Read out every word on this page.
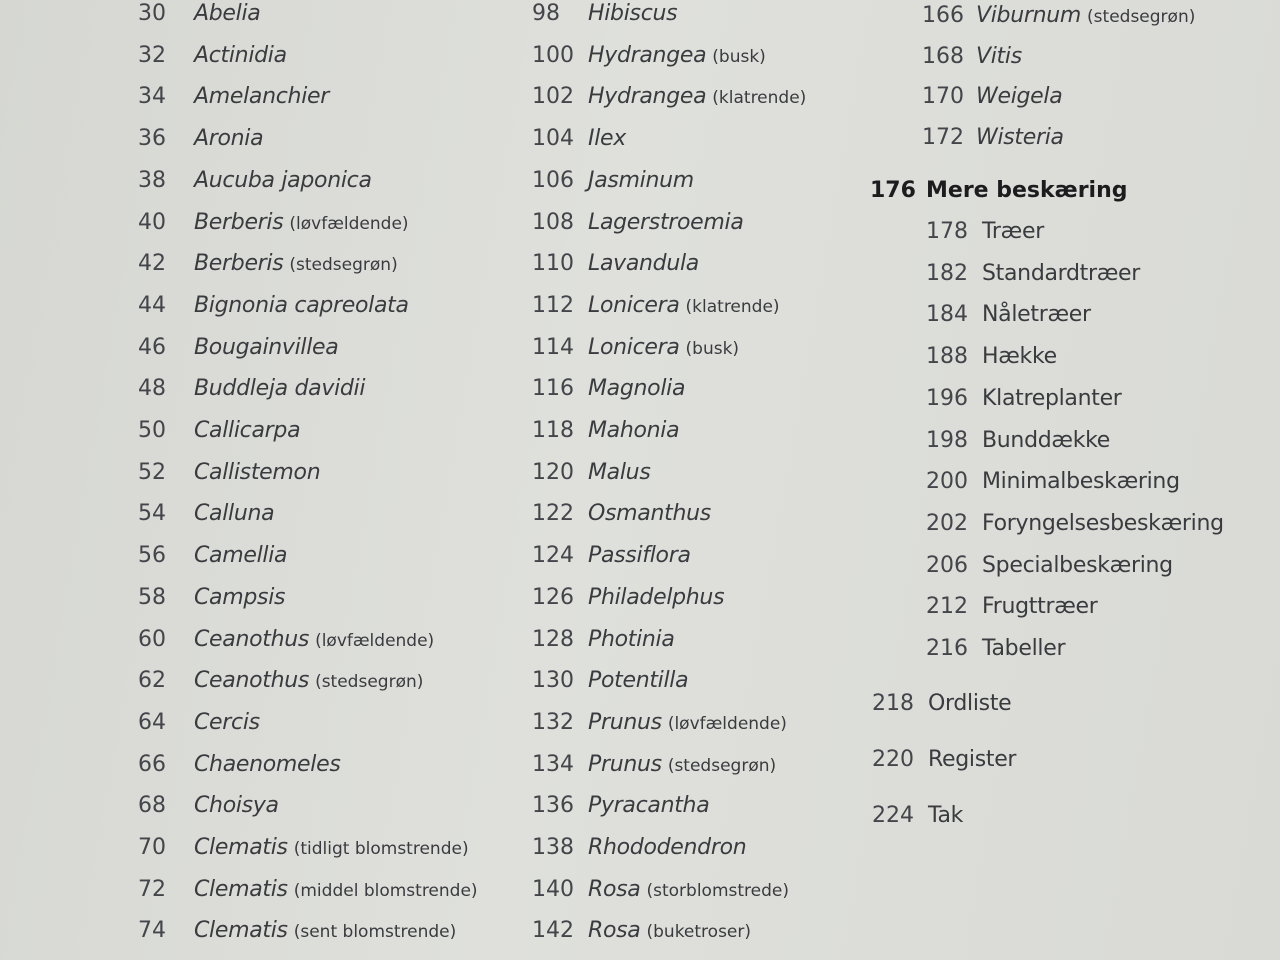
30 Abelia
32 Actinidia
34 Amelanchier
36 Aronia
38 Aucuba japonica
40 Berberis (løvfældende)
42 Berberis (stedsegrøn)
44 Bignonia capreolata
46 Bougainvillea
48 Buddleja davidii
50 Callicarpa
52 Callistemon
54 Calluna
56 Camellia
58 Campsis
60 Ceanothus (løvfældende)
62 Ceanothus (stedsegrøn)
64 Cercis
66 Chaenomeles
68 Choisya
70 Clematis (tidligt blomstrende)
72 Clematis (middel blomstrende)
74 Clematis (sent blomstrende)
98 Hibiscus
100 Hydrangea (busk)
102 Hydrangea (klatrende)
104 Ilex
106 Jasminum
108 Lagerstroemia
110 Lavandula
112 Lonicera (klatrende)
114 Lonicera (busk)
116 Magnolia
118 Mahonia
120 Malus
122 Osmanthus
124 Passiflora
126 Philadelphus
128 Photinia
130 Potentilla
132 Prunus (løvfældende)
134 Prunus (stedsegrøn)
136 Pyracantha
138 Rhododendron
140 Rosa (storblomstrede)
142 Rosa (buketroser)
166 Viburnum (stedsegrøn)
168 Vitis
170 Weigela
172 Wisteria
176 Mere beskæring
178 Træer
182 Standardtræer
184 Nåletræer
188 Hække
196 Klatreplanter
198 Bunddække
200 Minimalbeskæring
202 Foryngelsesbeskæring
206 Specialbeskæring
212 Frugttræer
216 Tabeller
218 Ordliste
220 Register
224 Tak
